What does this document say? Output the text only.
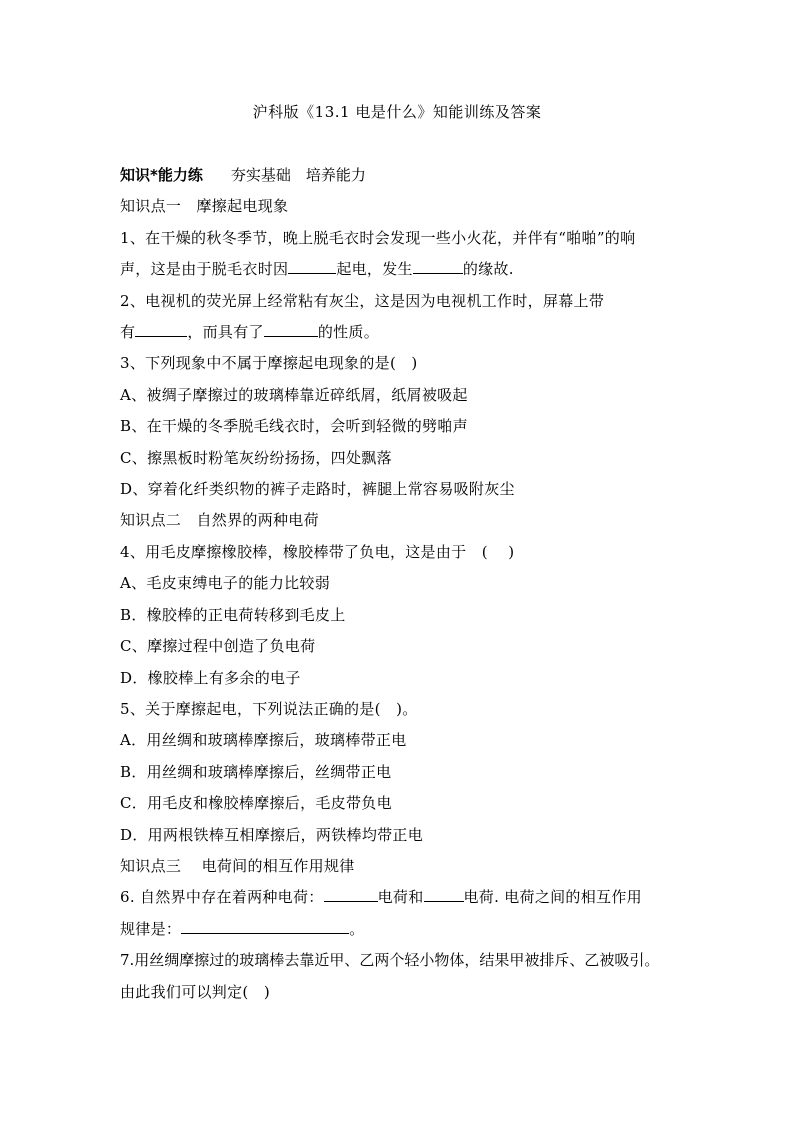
沪科版《13.1 电是什么》知能训练及答案
知识*能力练 夯实基础　培养能力
知识点一　摩擦起电现象
1、在干燥的秋冬季节，晚上脱毛衣时会发现一些小火花，并伴有“啪啪”的响
声，这是由于脱毛衣时因	起电，发生	的缘故.
2、电视机的荧光屏上经常粘有灰尘，这是因为电视机工作时，屏幕上带
有	，而具有了	的性质。
3、下列现象中不属于摩擦起电现象的是(　)
A、被绸子摩擦过的玻璃棒靠近碎纸屑，纸屑被吸起
B、在干燥的冬季脱毛线衣时，会听到轻微的劈啪声
C、擦黑板时粉笔灰纷纷扬扬，四处飘落
D、穿着化纤类织物的裤子走路时，裤腿上常容易吸附灰尘
知识点二　自然界的两种电荷
4、用毛皮摩擦橡胶棒，橡胶棒带了负电，这是由于　(　 )
A、毛皮束缚电子的能力比较弱
B．橡胶棒的正电荷转移到毛皮上
C、摩擦过程中创造了负电荷
D．橡胶棒上有多余的电子
5、关于摩擦起电，下列说法正确的是(　)。
A．用丝绸和玻璃棒摩擦后，玻璃棒带正电
B．用丝绸和玻璃棒摩擦后，丝绸带正电
C．用毛皮和橡胶棒摩擦后，毛皮带负电
D．用两根铁棒互相摩擦后，两铁棒均带正电
知识点三　 电荷间的相互作用规律
6. 自然界中存在着两种电荷：	电荷和	电荷. 电荷之间的相互作用
规律是：	。
7.用丝绸摩擦过的玻璃棒去靠近甲、乙两个轻小物体，结果甲被排斥、乙被吸引。
由此我们可以判定(　)
